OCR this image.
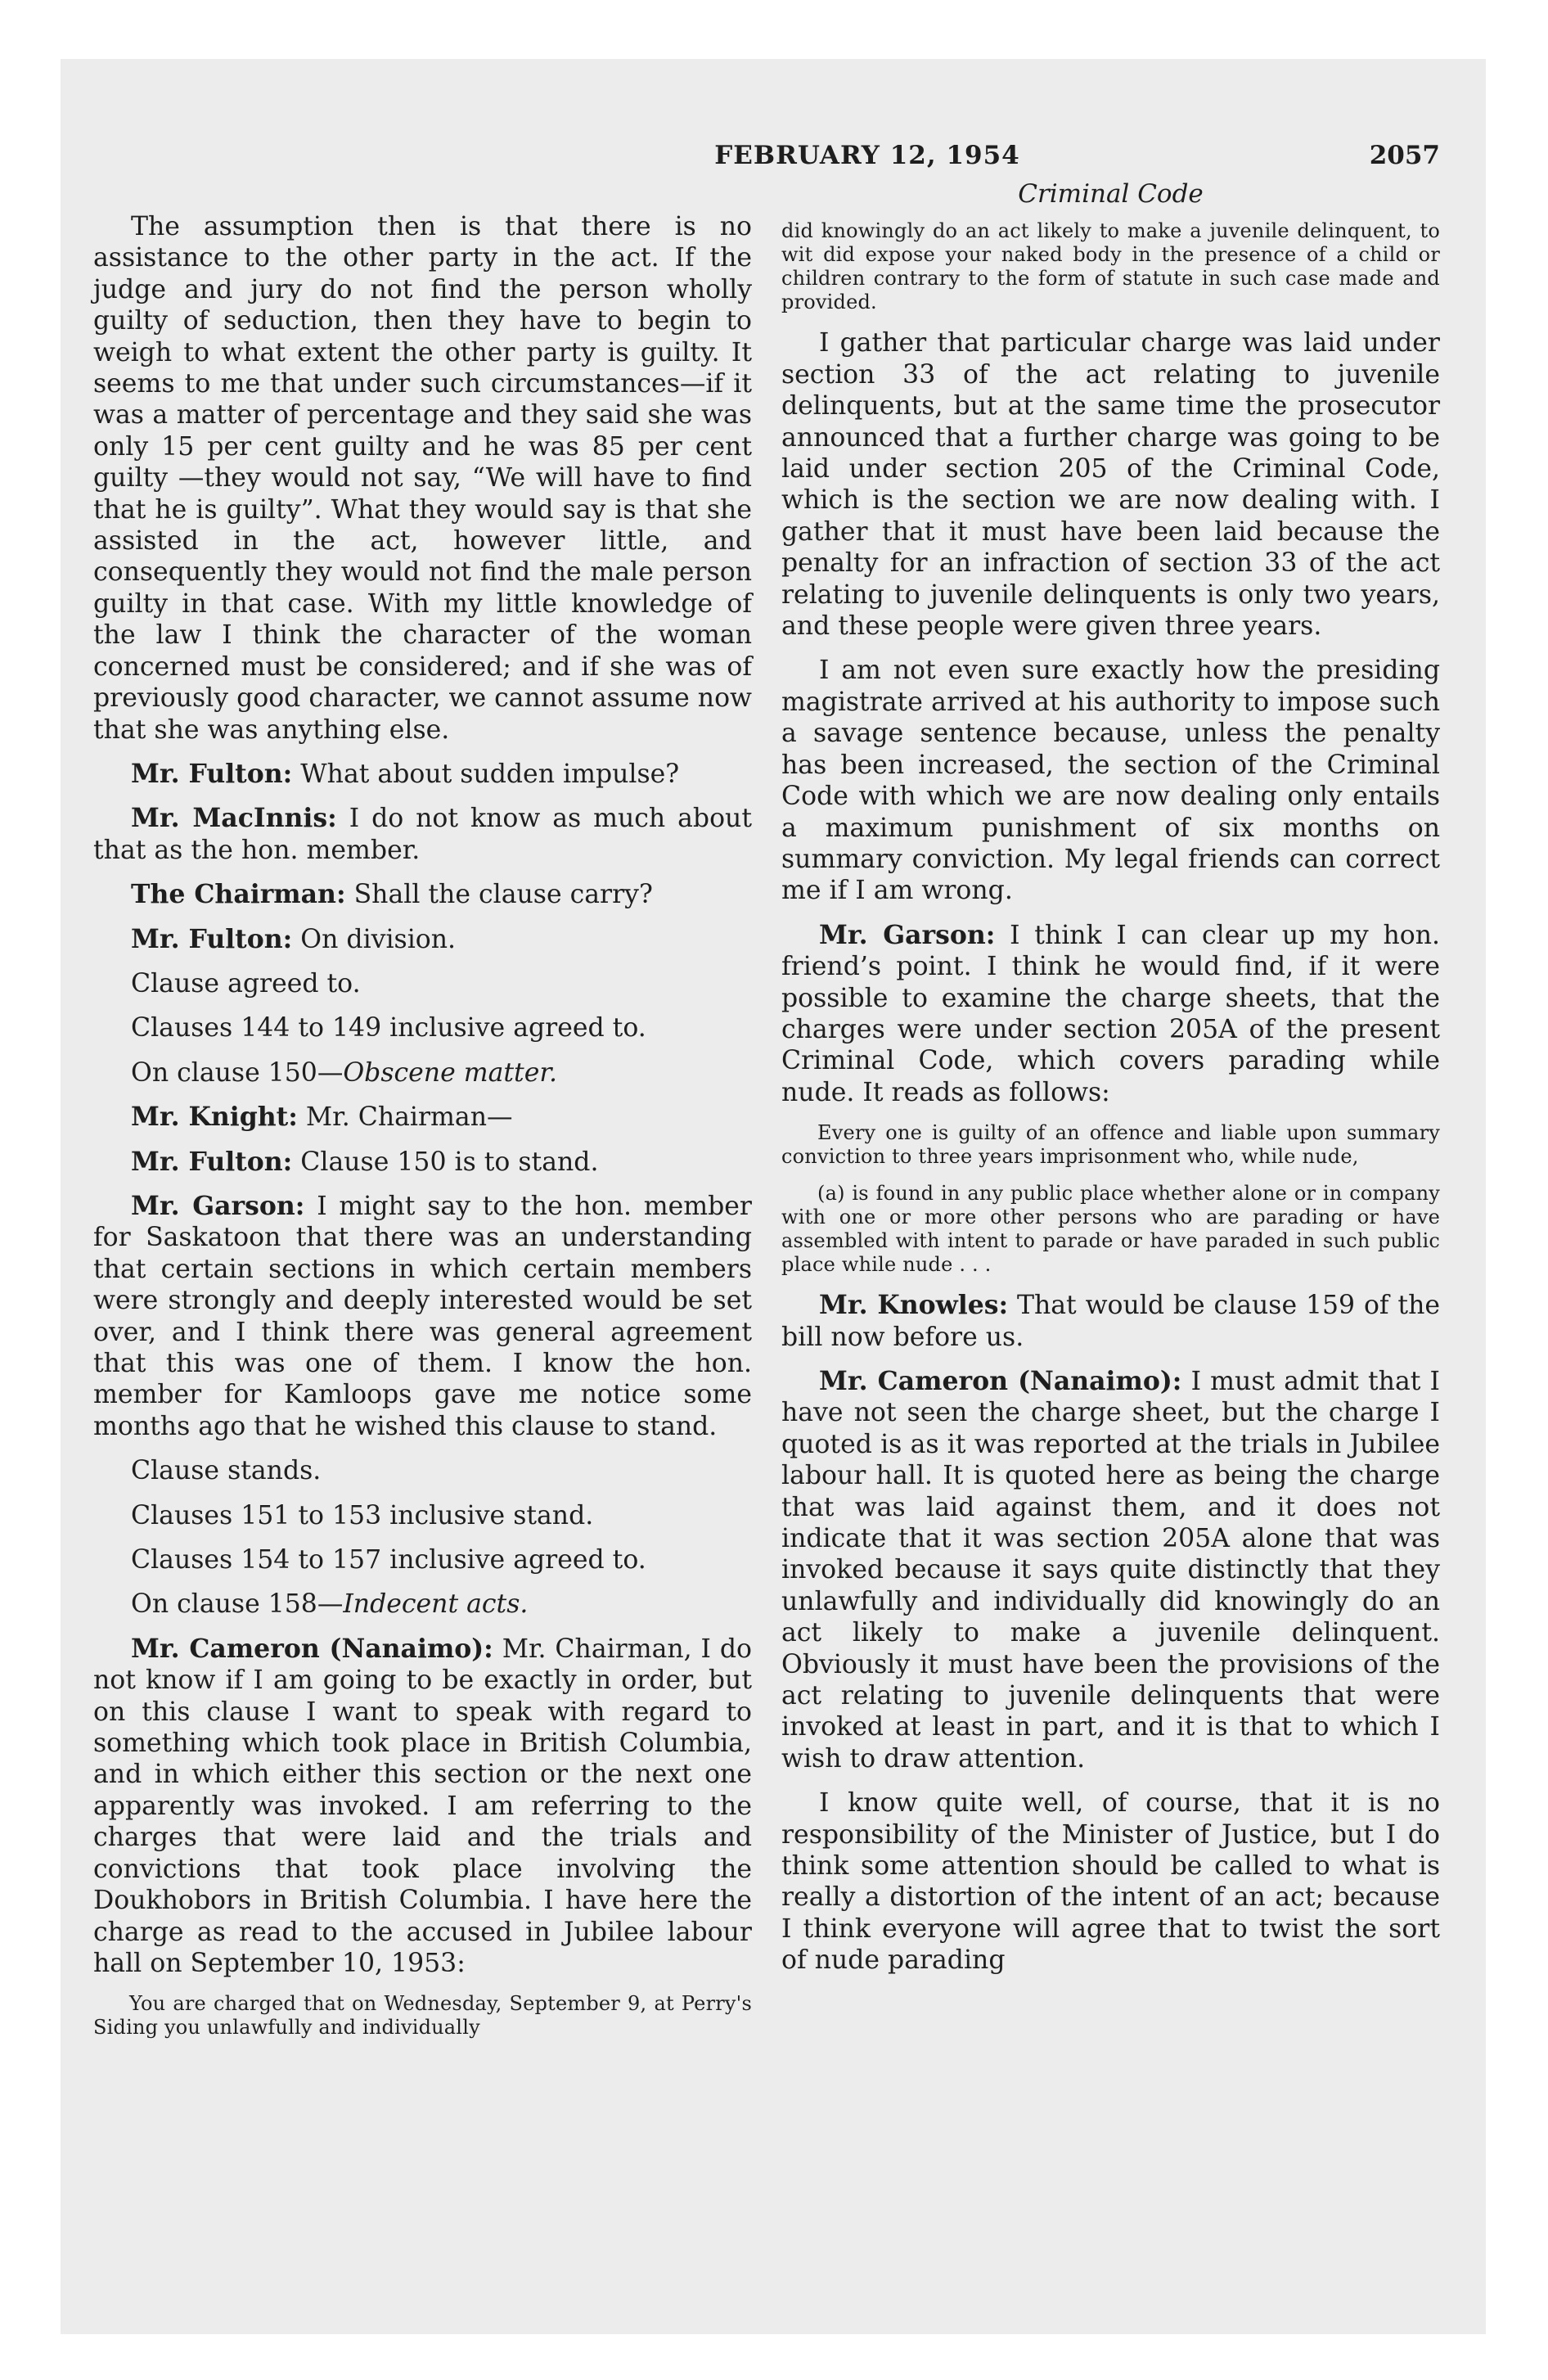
FEBRUARY 12, 1954	2057

The assumption then is that there is no assistance to the other party in the act. If the judge and jury do not find the person wholly guilty of seduction, then they have to begin to weigh to what extent the other party is guilty. It seems to me that under such circumstances—if it was a matter of percentage and they said she was only 15 per cent guilty and he was 85 per cent guilty —they would not say, “We will have to find that he is guilty”. What they would say is that she assisted in the act, however little, and consequently they would not find the male person guilty in that case. With my little knowledge of the law I think the character of the woman concerned must be considered; and if she was of previously good character, we cannot assume now that she was anything else.

Mr. Fulton: What about sudden impulse?

Mr. MacInnis: I do not know as much about that as the hon. member.

The Chairman: Shall the clause carry?

Mr. Fulton: On division.

Clause agreed to.

Clauses 144 to 149 inclusive agreed to.

On clause 150—Obscene matter.

Mr. Knight: Mr. Chairman—

Mr. Fulton: Clause 150 is to stand.

Mr. Garson: I might say to the hon. member for Saskatoon that there was an understanding that certain sections in which certain members were strongly and deeply interested would be set over, and I think there was general agreement that this was one of them. I know the hon. member for Kamloops gave me notice some months ago that he wished this clause to stand.

Clause stands.

Clauses 151 to 153 inclusive stand.

Clauses 154 to 157 inclusive agreed to.

On clause 158—Indecent acts.

Mr. Cameron (Nanaimo): Mr. Chairman, I do not know if I am going to be exactly in order, but on this clause I want to speak with regard to something which took place in British Columbia, and in which either this section or the next one apparently was invoked. I am referring to the charges that were laid and the trials and convictions that took place involving the Doukhobors in British Columbia. I have here the charge as read to the accused in Jubilee labour hall on September 10, 1953:

You are charged that on Wednesday, September 9, at Perry's Siding you unlawfully and individually

Criminal Code

did knowingly do an act likely to make a juvenile delinquent, to wit did expose your naked body in the presence of a child or children contrary to the form of statute in such case made and provided.

I gather that particular charge was laid under section 33 of the act relating to juvenile delinquents, but at the same time the prosecutor announced that a further charge was going to be laid under section 205 of the Criminal Code, which is the section we are now dealing with. I gather that it must have been laid because the penalty for an infraction of section 33 of the act relating to juvenile delinquents is only two years, and these people were given three years.

I am not even sure exactly how the presiding magistrate arrived at his authority to impose such a savage sentence because, unless the penalty has been increased, the section of the Criminal Code with which we are now dealing only entails a maximum punishment of six months on summary conviction. My legal friends can correct me if I am wrong.

Mr. Garson: I think I can clear up my hon. friend’s point. I think he would find, if it were possible to examine the charge sheets, that the charges were under section 205A of the present Criminal Code, which covers parading while nude. It reads as follows:

Every one is guilty of an offence and liable upon summary conviction to three years imprisonment who, while nude,

(a) is found in any public place whether alone or in company with one or more other persons who are parading or have assembled with intent to parade or have paraded in such public place while nude . . .

Mr. Knowles: That would be clause 159 of the bill now before us.

Mr. Cameron (Nanaimo): I must admit that I have not seen the charge sheet, but the charge I quoted is as it was reported at the trials in Jubilee labour hall. It is quoted here as being the charge that was laid against them, and it does not indicate that it was section 205A alone that was invoked because it says quite distinctly that they unlawfully and individually did knowingly do an act likely to make a juvenile delinquent. Obviously it must have been the provisions of the act relating to juvenile delinquents that were invoked at least in part, and it is that to which I wish to draw attention.

I know quite well, of course, that it is no responsibility of the Minister of Justice, but I do think some attention should be called to what is really a distortion of the intent of an act; because I think everyone will agree that to twist the sort of nude parading
